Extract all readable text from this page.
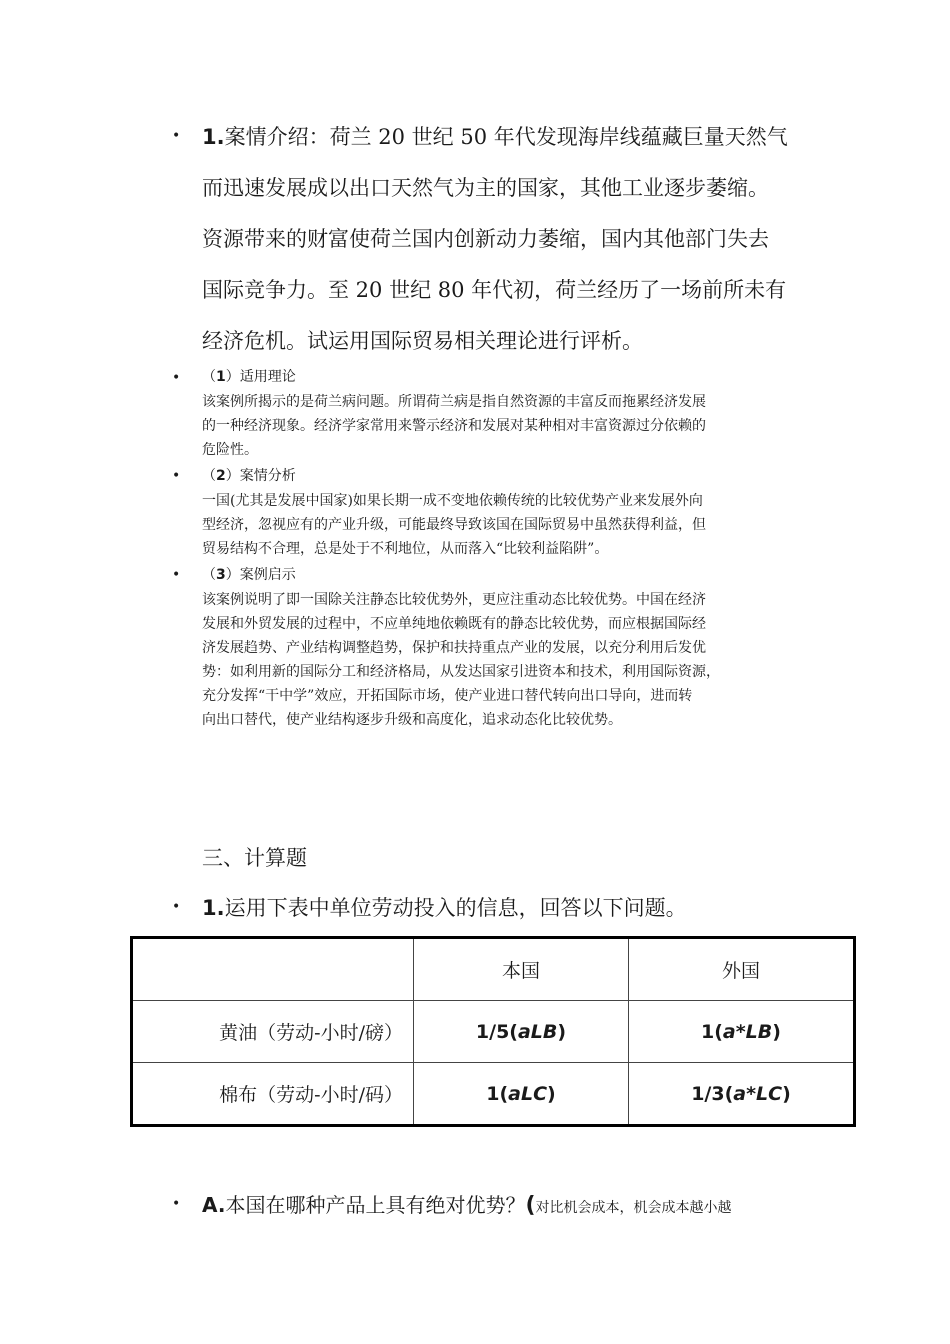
•
•
•
•
•
•

1.案情介绍：荷兰 20 世纪 50 年代发现海岸线蕴藏巨量天然气

而迅速发展成以出口天然气为主的国家，其他工业逐步萎缩。

资源带来的财富使荷兰国内创新动力萎缩，国内其他部门失去

国际竞争力。至 20 世纪 80 年代初，荷兰经历了一场前所未有

经济危机。试运用国际贸易相关理论进行评析。

（1）适用理论

该案例所揭示的是荷兰病问题。所谓荷兰病是指自然资源的丰富反而拖累经济发展

的一种经济现象。经济学家常用来警示经济和发展对某种相对丰富资源过分依赖的

危险性。

（2）案情分析

一国(尤其是发展中国家)如果长期一成不变地依赖传统的比较优势产业来发展外向

型经济，忽视应有的产业升级，可能最终导致该国在国际贸易中虽然获得利益，但

贸易结构不合理，总是处于不利地位，从而落入“比较利益陷阱”。

（3）案例启示

该案例说明了即一国除关注静态比较优势外，更应注重动态比较优势。中国在经济

发展和外贸发展的过程中，不应单纯地依赖既有的静态比较优势，而应根据国际经

济发展趋势、产业结构调整趋势，保护和扶持重点产业的发展，以充分利用后发优

势：如利用新的国际分工和经济格局，从发达国家引进资本和技术，利用国际资源，

充分发挥“干中学”效应，开拓国际市场，使产业进口替代转向出口导向，进而转

向出口替代，使产业结构逐步升级和高度化，追求动态化比较优势。

三、计算题
1.运用下表中单位劳动投入的信息，回答以下问题。
	本国	外国
黄油（劳动-小时/磅）	1/5(aLB)	1(a*LB)
棉布（劳动-小时/码）	1(aLC)	1/3(a*LC)
A.本国在哪种产品上具有绝对优势？(对比机会成本，机会成本越小越
